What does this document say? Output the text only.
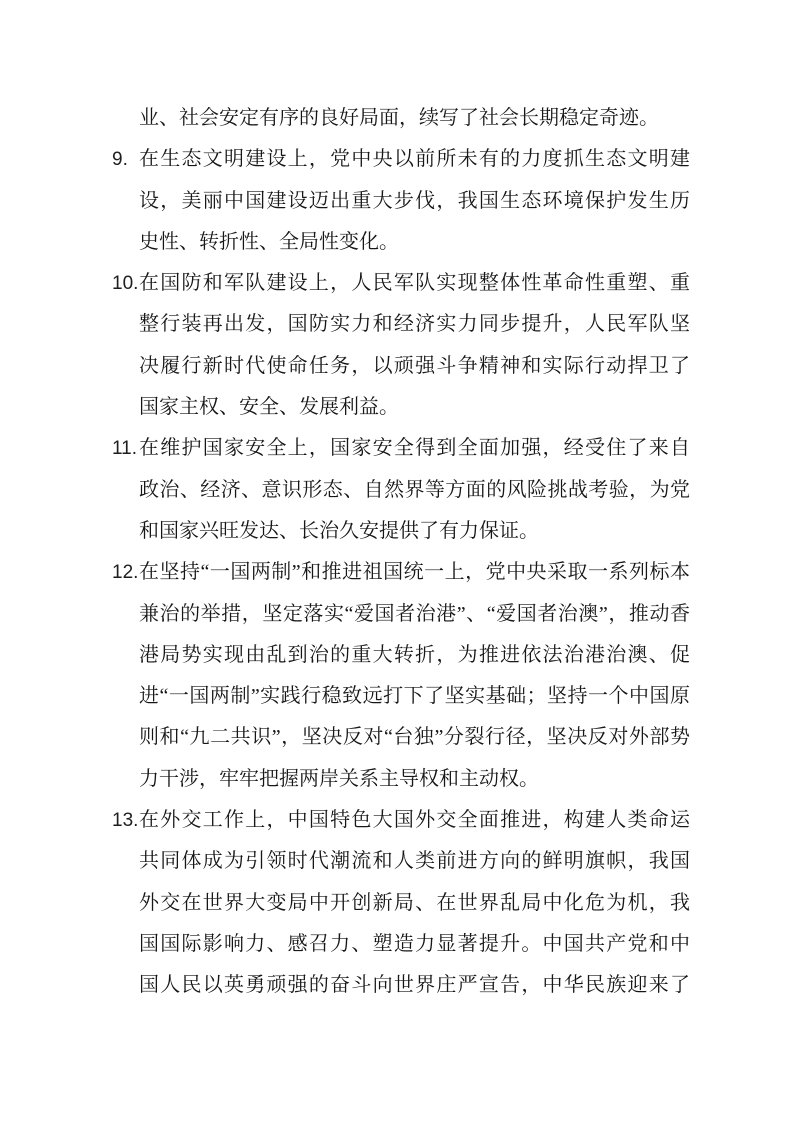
业、社会安定有序的良好局面，续写了社会长期稳定奇迹。
9. 在生态文明建设上，党中央以前所未有的力度抓生态文明建
设，美丽中国建设迈出重大步伐，我国生态环境保护发生历
史性、转折性、全局性变化。
10. 在国防和军队建设上，人民军队实现整体性革命性重塑、重
整行装再出发，国防实力和经济实力同步提升，人民军队坚
决履行新时代使命任务，以顽强斗争精神和实际行动捍卫了
国家主权、安全、发展利益。
11. 在维护国家安全上，国家安全得到全面加强，经受住了来自
政治、经济、意识形态、自然界等方面的风险挑战考验，为党
和国家兴旺发达、长治久安提供了有力保证。
12. 在坚持“一国两制”和推进祖国统一上，党中央采取一系列标本
兼治的举措，坚定落实“爱国者治港”、“爱国者治澳”，推动香
港局势实现由乱到治的重大转折，为推进依法治港治澳、促
进“一国两制”实践行稳致远打下了坚实基础；坚持一个中国原
则和“九二共识”，坚决反对“台独”分裂行径，坚决反对外部势
力干涉，牢牢把握两岸关系主导权和主动权。
13. 在外交工作上，中国特色大国外交全面推进，构建人类命运
共同体成为引领时代潮流和人类前进方向的鲜明旗帜，我国
外交在世界大变局中开创新局、在世界乱局中化危为机，我
国国际影响力、感召力、塑造力显著提升。中国共产党和中
国人民以英勇顽强的奋斗向世界庄严宣告，中华民族迎来了
